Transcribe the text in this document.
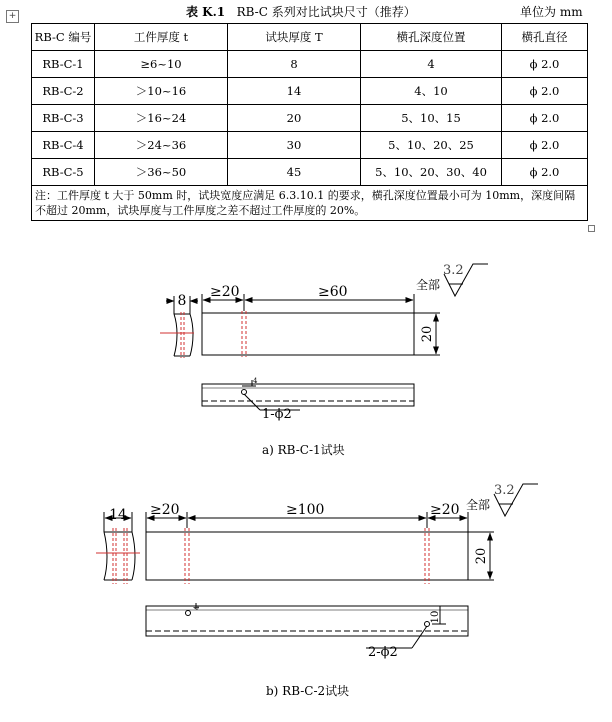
+	表 K.1 RB-C 系列对比试块尺寸（推荐）	单位为 mm
RB-C 编号	工件厚度 t	试块厚度 T	横孔深度位置	横孔直径
RB-C-1	≥6~10	8	4	ϕ 2.0
RB-C-2	＞10~16	14	4、10	ϕ 2.0
RB-C-3	＞16~24	20	5、10、15	ϕ 2.0
RB-C-4	＞24~36	30	5、10、20、25	ϕ 2.0
RB-C-5	＞36~50	45	5、10、20、30、40	ϕ 2.0
注：工件厚度 t 大于 50mm 时，试块宽度应满足 6.3.10.1 的要求，横孔深度位置最小可为 10mm，深度间隔不超过 20mm，试块厚度与工件厚度之差不超过工件厚度的 20%。				
8
≥20	≥60
20
全部
3.2
4
1-ϕ2
14 ≥20	≥100	≥20
20
全部
3.2
4
10
2-ϕ2
a) RB-C-1试块
b) RB-C-2试块
